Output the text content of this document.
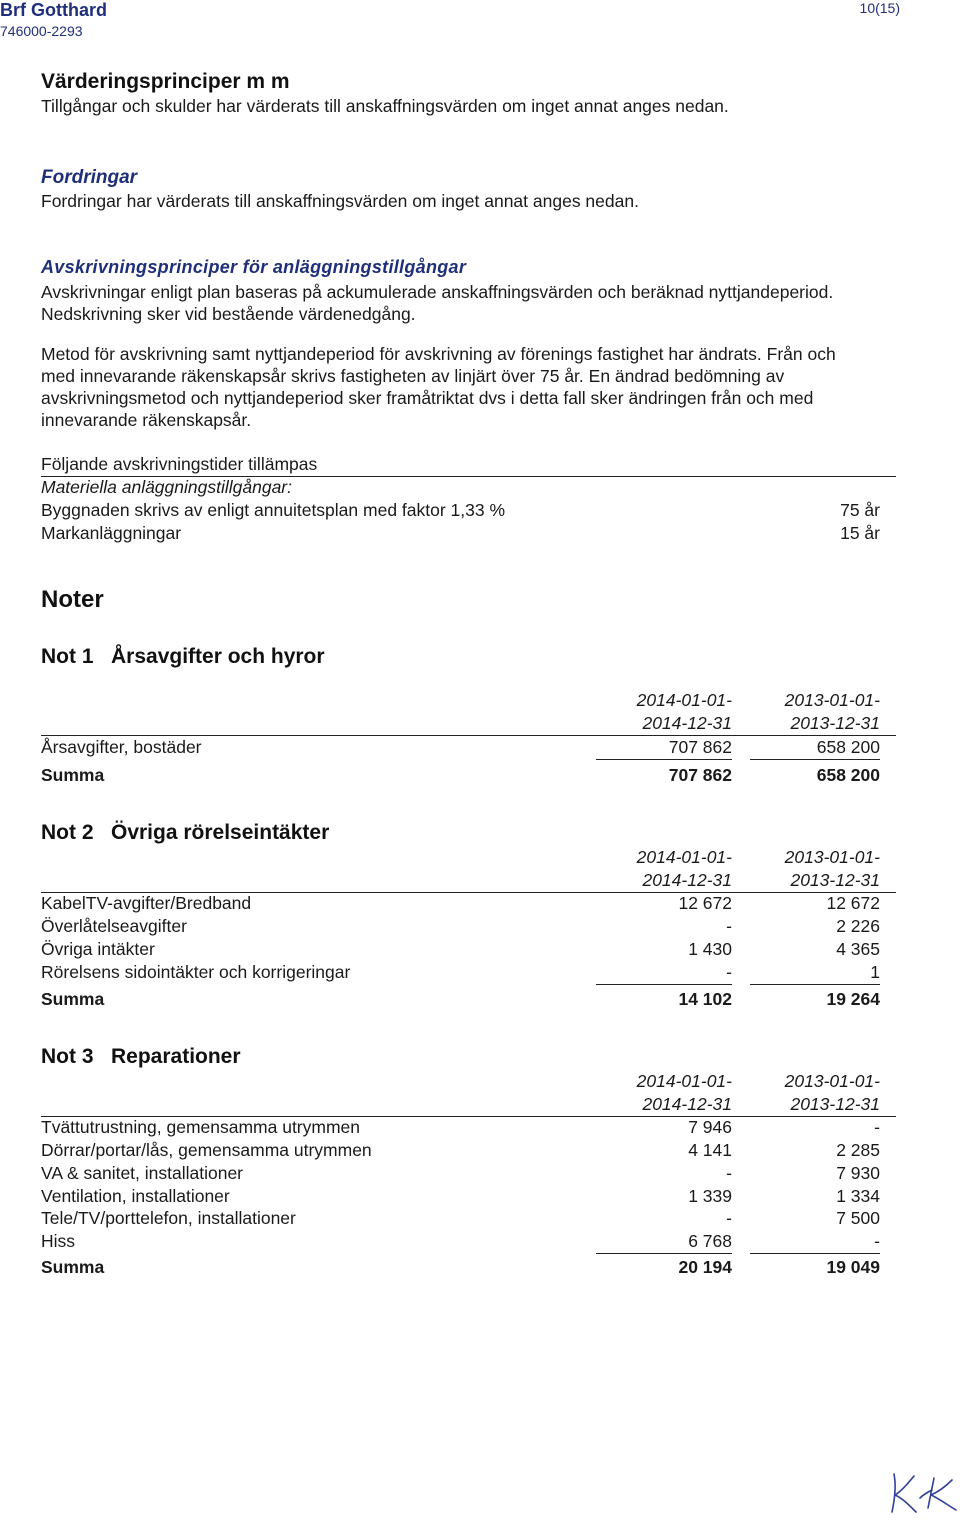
Brf Gotthard
746000-2293
10(15)
Värderingsprinciper m m
Tillgångar och skulder har värderats till anskaffningsvärden om inget annat anges nedan.
Fordringar
Fordringar har värderats till anskaffningsvärden om inget annat anges nedan.
Avskrivningsprinciper för anläggningstillgångar
Avskrivningar enligt plan baseras på ackumulerade anskaffningsvärden och beräknad nyttjandeperiod.
Nedskrivning sker vid bestående värdenedgång.
Metod för avskrivning samt nyttjandeperiod för avskrivning av förenings fastighet har ändrats. Från och
med innevarande räkenskapsår skrivs fastigheten av linjärt över 75 år. En ändrad bedömning av
avskrivningsmetod och nyttjandeperiod sker framåtriktat dvs i detta fall sker ändringen från och med
innevarande räkenskapsår.
Följande avskrivningstider tillämpas
Materiella anläggningstillgångar:
Byggnaden skrivs av enligt annuitetsplan med faktor 1,33 %	75 år
Markanläggningar	15 år
Noter
Not 1 Årsavgifter och hyror
2014-01-01-	2013-01-01-
2014-12-31	2013-12-31
Årsavgifter, bostäder	707 862	658 200
Summa	707 862	658 200
Not 2 Övriga rörelseintäkter
2014-01-01-	2013-01-01-
2014-12-31	2013-12-31
KabelTV-avgifter/Bredband	12 672	12 672
Överlåtelseavgifter	-	2 226
Övriga intäkter	1 430	4 365
Rörelsens sidointäkter och korrigeringar	-	1
Summa	14 102	19 264
Not 3 Reparationer
2014-01-01-	2013-01-01-
2014-12-31	2013-12-31
Tvättutrustning, gemensamma utrymmen	7 946	-
Dörrar/portar/lås, gemensamma utrymmen	4 141	2 285
VA & sanitet, installationer	-	7 930
Ventilation, installationer	1 339	1 334
Tele/TV/porttelefon, installationer	-	7 500
Hiss	6 768	-
Summa	20 194	19 049
